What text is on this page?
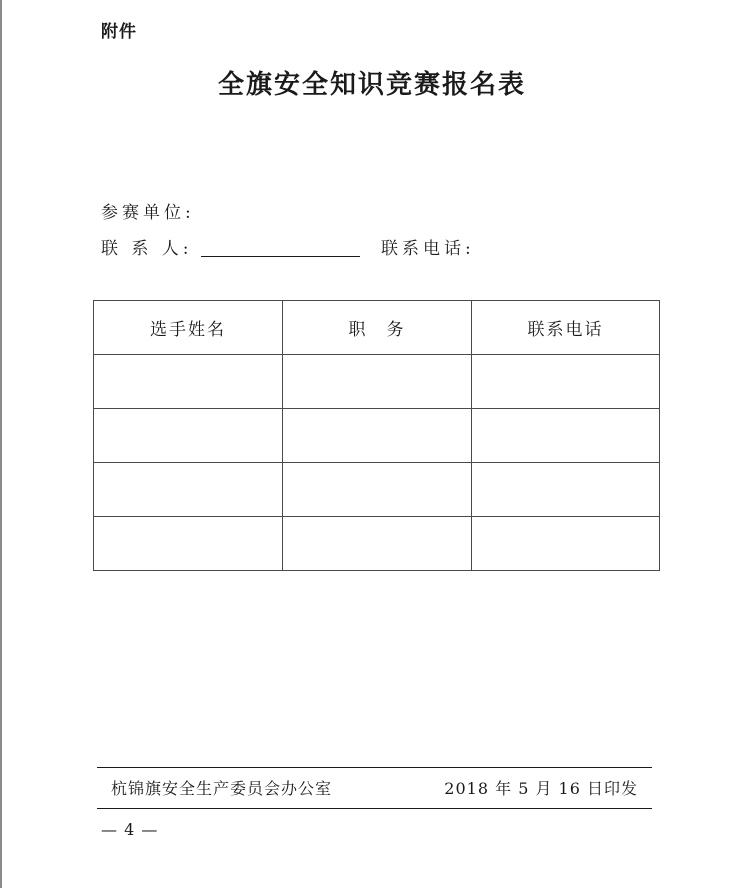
附件
全旗安全知识竞赛报名表
参赛单位:
联 系 人:	联系电话:
选手姓名	职　务	联系电话

杭锦旗安全生产委员会办公室	2018 年 5 月 16 日印发
— 4 —
